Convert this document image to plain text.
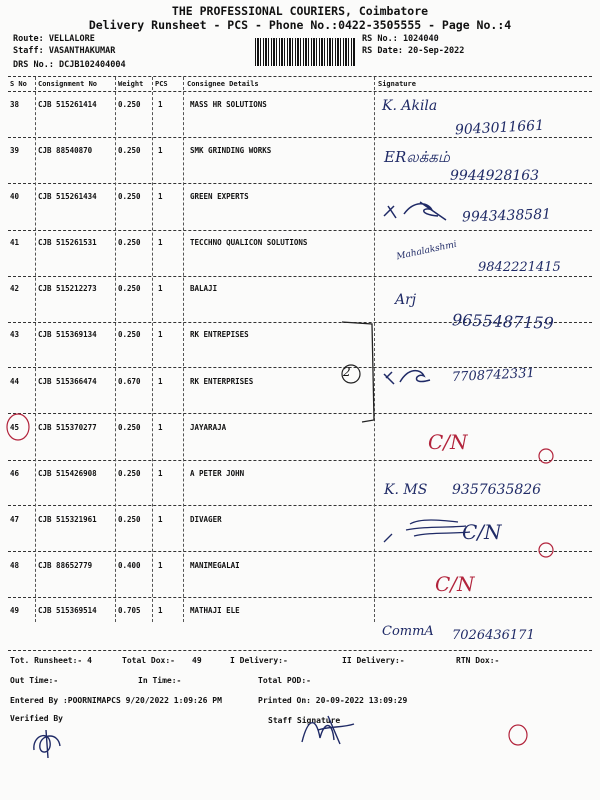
THE PROFESSIONAL COURIERS, Coimbatore
Delivery Runsheet - PCS - Phone No.:0422-3505555 - Page No.:4
Route: VELLALORE
Staff: VASANTHAKUMAR
DRS No.: DCJB102404004
RS No.: 1024040
RS Date: 20-Sep-2022
S No Consignment No	Weight PCS	Consignee Details	Signature
38	CJB 515261414	0.250 1	MASS HR SOLUTIONS
39	CJB 88540870	0.250 1	SMK GRINDING WORKS
40	CJB 515261434	0.250 1	GREEN EXPERTS
41	CJB 515261531	0.250 1	TECCHNO QUALICON SOLUTIONS
42	CJB 515212273	0.250 1	BALAJI
43	CJB 515369134	0.250 1	RK ENTREPISES
44	CJB 515366474	0.670 1	RK ENTERPRISES
45	CJB 515370277	0.250 1	JAYARAJA
46	CJB 515426908	0.250 1	A PETER JOHN
47	CJB 515321961	0.250 1	DIVAGER
48	CJB 88652779	0.400 1	MANIMEGALAI
49	CJB 515369514	0.705 1	MATHAJI ELE
K. Akila
9043011661
ERலக்கம்
9944928163
9943438581
Mahalakshmi
9842221415
Arj
9655487159
7708742331
C/N
K. MS 9357635826
C/N
C/N
CommA 7026436171
2
Tot. Runsheet:- 4	Total Dox:- 49	I Delivery:-	II Delivery:-	RTN Dox:-
Out Time:-	In Time:-	Total POD:-
Entered By :POORNIMAPCS 9/20/2022 1:09:26 PM	Printed On: 20-09-2022 13:09:29
Verified By	Staff Signature
